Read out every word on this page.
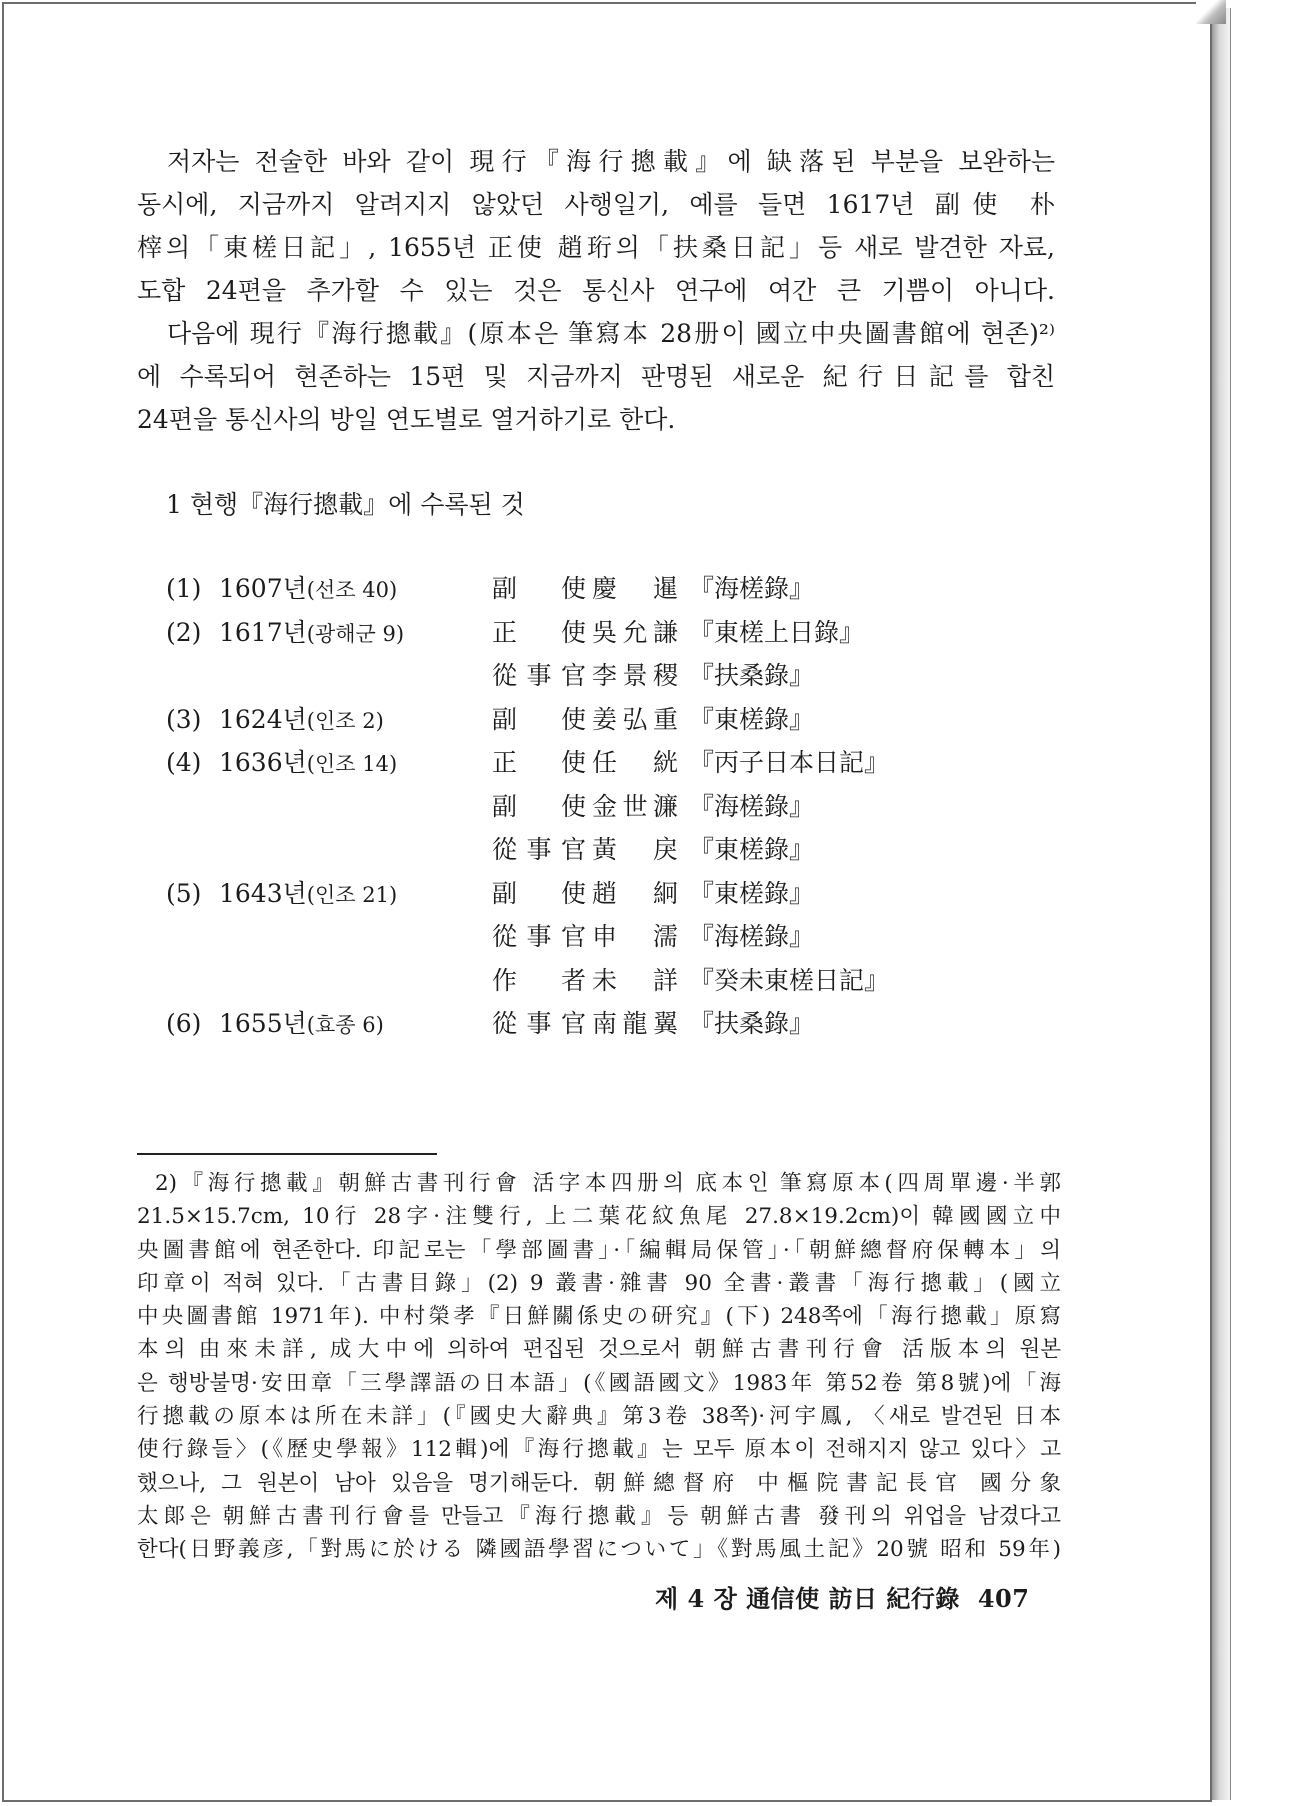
저자는 전술한 바와 같이 現行『海行摠載』에 缺落된 부분을 보완하는
동시에, 지금까지 알려지지 않았던 사행일기, 예를 들면 1617년 副使 朴
榟의「東槎日記」, 1655년 正使 趙珩의「扶桑日記」등 새로 발견한 자료,
도합 24편을 추가할 수 있는 것은 통신사 연구에 여간 큰 기쁨이 아니다.
다음에 現行『海行摠載』(原本은 筆寫本 28册이 國立中央圖書館에 현존)²⁾
에 수록되어 현존하는 15편 및 지금까지 판명된 새로운 紀行日記를 합친
24편을 통신사의 방일 연도별로 열거하기로 한다.
1 현행『海行摠載』에 수록된 것
(1) 1607년(선조 40)	副 使 慶 暹 『海槎錄』
(2) 1617년(광해군 9)	正 使 吳允謙 『東槎上日錄』
從事官 李景稷 『扶桑錄』
(3) 1624년(인조 2)	副 使 姜弘重 『東槎錄』
(4) 1636년(인조 14)	正 使 任 絖 『丙子日本日記』
副 使 金世濂 『海槎錄』
從事官 黃 戾 『東槎錄』
(5) 1643년(인조 21)	副 使 趙 絅 『東槎錄』
從事官 申 濡 『海槎錄』
作 者 未 詳 『癸未東槎日記』
(6) 1655년(효종 6)	從事官 南龍翼 『扶桑錄』
2)『海行摠載』朝鮮古書刊行會 活字本四册의 底本인 筆寫原本(四周單邊·半郭
21.5×15.7cm, 10行 28字·注雙行, 上二葉花紋魚尾 27.8×19.2cm)이 韓國國立中
央圖書館에 현존한다. 印記로는「學部圖書」·「編輯局保管」·「朝鮮總督府保轉本」의
印章이 적혀 있다.「古書目錄」(2) 9 叢書·雜書 90 全書·叢書「海行摠載」(國立
中央圖書館 1971年). 中村榮孝『日鮮關係史の研究』(下) 248쪽에「海行摠載」原寫
本의 由來未詳, 成大中에 의하여 편집된 것으로서 朝鮮古書刊行會 活版本의 원본
은 행방불명·安田章「三學譯語の日本語」(《國語國文》1983年 第52卷 第8號)에「海
行摠載の原本は所在未詳」(『國史大辭典』第3卷 38쪽)·河宇鳳, 〈새로 발견된 日本
使行錄들〉(《歷史學報》112輯)에『海行摠載』는 모두 原本이 전해지지 않고 있다〉고
했으나, 그 원본이 남아 있음을 명기해둔다. 朝鮮總督府 中樞院書記長官 國分象
太郞은 朝鮮古書刊行會를 만들고『海行摠載』등 朝鮮古書 發刊의 위업을 남겼다고
한다(日野義彦,「對馬に於ける 隣國語學習について」《對馬風土記》20號 昭和 59年)
제 4 장 通信使 訪日 紀行錄 407
